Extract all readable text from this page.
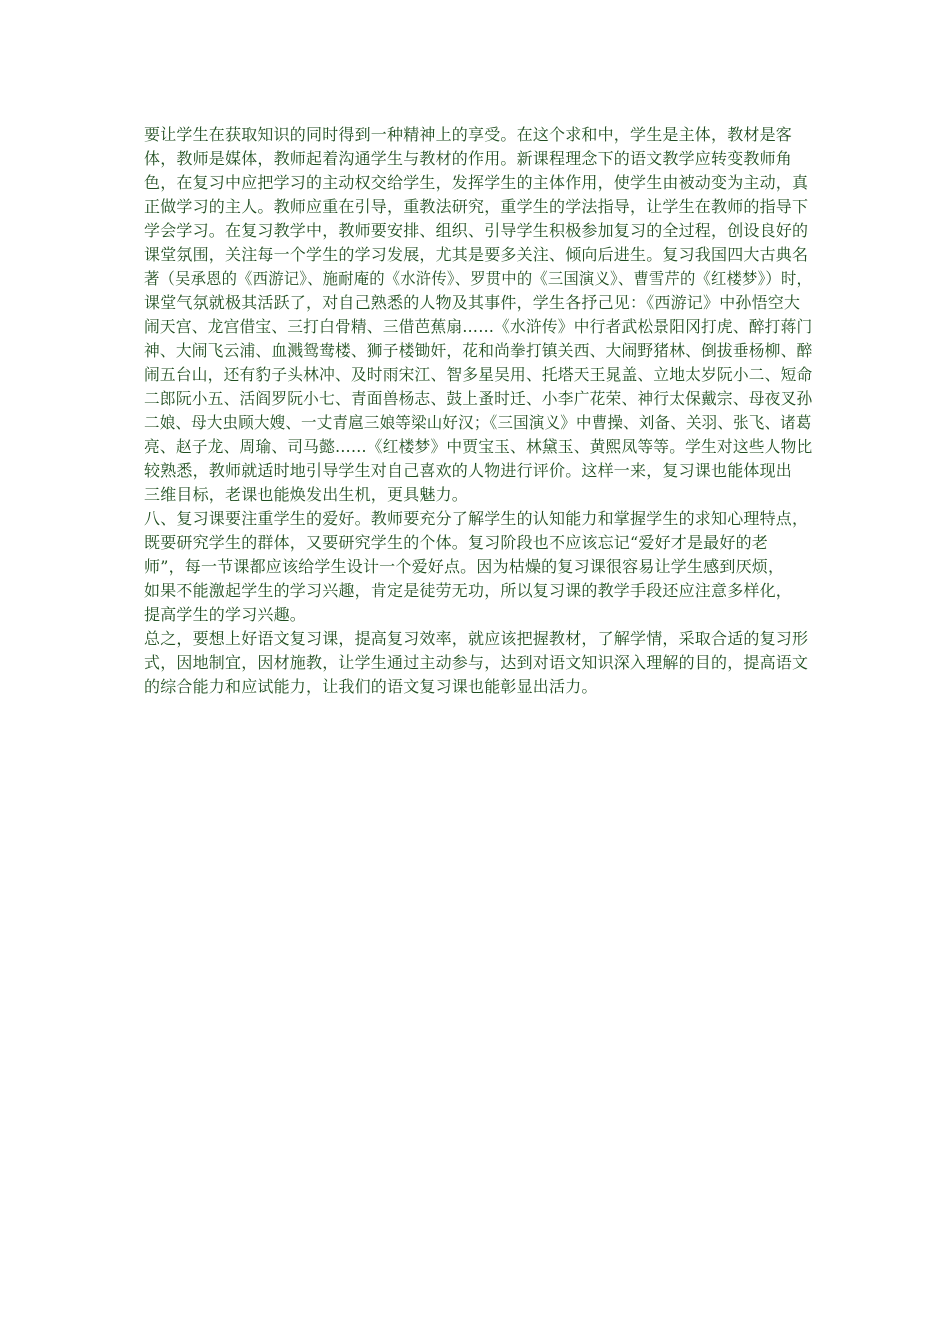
要让学生在获取知识的同时得到一种精神上的享受。在这个求和中，学生是主体，教材是客
体，教师是媒体，教师起着沟通学生与教材的作用。新课程理念下的语文教学应转变教师角
色，在复习中应把学习的主动权交给学生，发挥学生的主体作用，使学生由被动变为主动，真
正做学习的主人。教师应重在引导，重教法研究，重学生的学法指导，让学生在教师的指导下
学会学习。在复习教学中，教师要安排、组织、引导学生积极参加复习的全过程，创设良好的
课堂氛围，关注每一个学生的学习发展，尤其是要多关注、倾向后进生。复习我国四大古典名
著（吴承恩的《西游记》、施耐庵的《水浒传》、罗贯中的《三国演义》、曹雪芹的《红楼梦》）时，
课堂气氛就极其活跃了，对自己熟悉的人物及其事件，学生各抒己见：《西游记》中孙悟空大
闹天宫、龙宫借宝、三打白骨精、三借芭蕉扇……《水浒传》中行者武松景阳冈打虎、醉打蒋门
神、大闹飞云浦、血溅鸳鸯楼、狮子楼锄奸，花和尚拳打镇关西、大闹野猪林、倒拔垂杨柳、醉
闹五台山，还有豹子头林冲、及时雨宋江、智多星吴用、托塔天王晁盖、立地太岁阮小二、短命
二郎阮小五、活阎罗阮小七、青面兽杨志、鼓上蚤时迁、小李广花荣、神行太保戴宗、母夜叉孙
二娘、母大虫顾大嫂、一丈青扈三娘等梁山好汉；《三国演义》中曹操、刘备、关羽、张飞、诸葛
亮、赵子龙、周瑜、司马懿……《红楼梦》中贾宝玉、林黛玉、黄熙凤等等。学生对这些人物比
较熟悉，教师就适时地引导学生对自己喜欢的人物进行评价。这样一来，复习课也能体现出
三维目标，老课也能焕发出生机，更具魅力。
八、复习课要注重学生的爱好。教师要充分了解学生的认知能力和掌握学生的求知心理特点，
既要研究学生的群体，又要研究学生的个体。复习阶段也不应该忘记“爱好才是最好的老
师”，每一节课都应该给学生设计一个爱好点。因为枯燥的复习课很容易让学生感到厌烦，
如果不能激起学生的学习兴趣，肯定是徒劳无功，所以复习课的教学手段还应注意多样化，
提高学生的学习兴趣。
总之，要想上好语文复习课，提高复习效率，就应该把握教材，了解学情，采取合适的复习形
式，因地制宜，因材施教，让学生通过主动参与，达到对语文知识深入理解的目的，提高语文
的综合能力和应试能力，让我们的语文复习课也能彰显出活力。
